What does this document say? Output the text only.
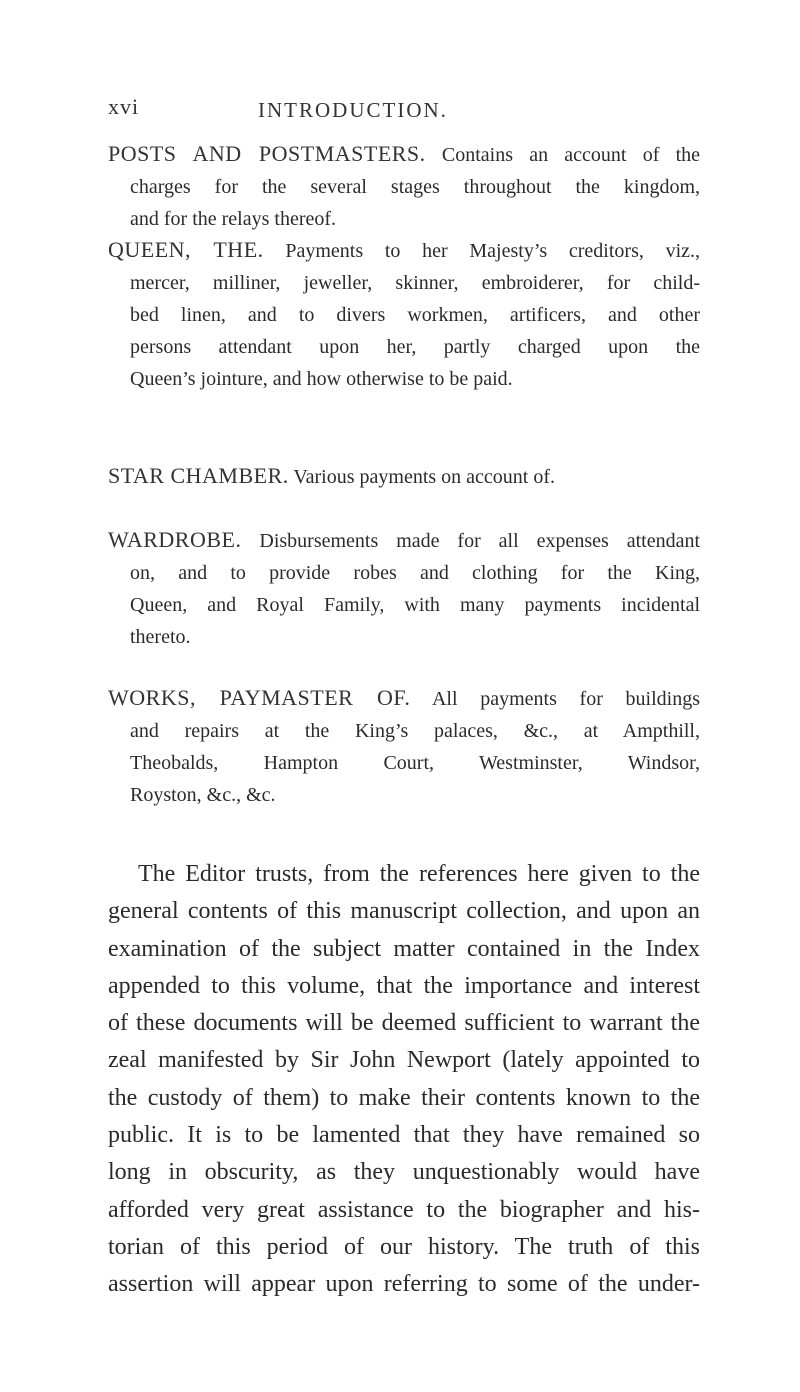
xvi	INTRODUCTION.
POSTS AND POSTMASTERS. Contains an account of the
charges for the several stages throughout the kingdom,
and for the relays thereof.
QUEEN, THE. Payments to her Majesty’s creditors, viz.,
mercer, milliner, jeweller, skinner, embroiderer, for child-
bed linen, and to divers workmen, artificers, and other
persons attendant upon her, partly charged upon the
Queen’s jointure, and how otherwise to be paid.
STAR CHAMBER. Various payments on account of.
WARDROBE. Disbursements made for all expenses attendant
on, and to provide robes and clothing for the King,
Queen, and Royal Family, with many payments incidental
thereto.
WORKS, PAYMASTER OF. All payments for buildings
and repairs at the King’s palaces, &c., at Ampthill,
Theobalds, Hampton Court, Westminster, Windsor,
Royston, &c., &c.
The Editor trusts, from the references here given to the
general contents of this manuscript collection, and upon an
examination of the subject matter contained in the Index
appended to this volume, that the importance and interest
of these documents will be deemed sufficient to warrant the
zeal manifested by Sir John Newport (lately appointed to
the custody of them) to make their contents known to the
public. It is to be lamented that they have remained so
long in obscurity, as they unquestionably would have
afforded very great assistance to the biographer and his-
torian of this period of our history. The truth of this
assertion will appear upon referring to some of the under-
